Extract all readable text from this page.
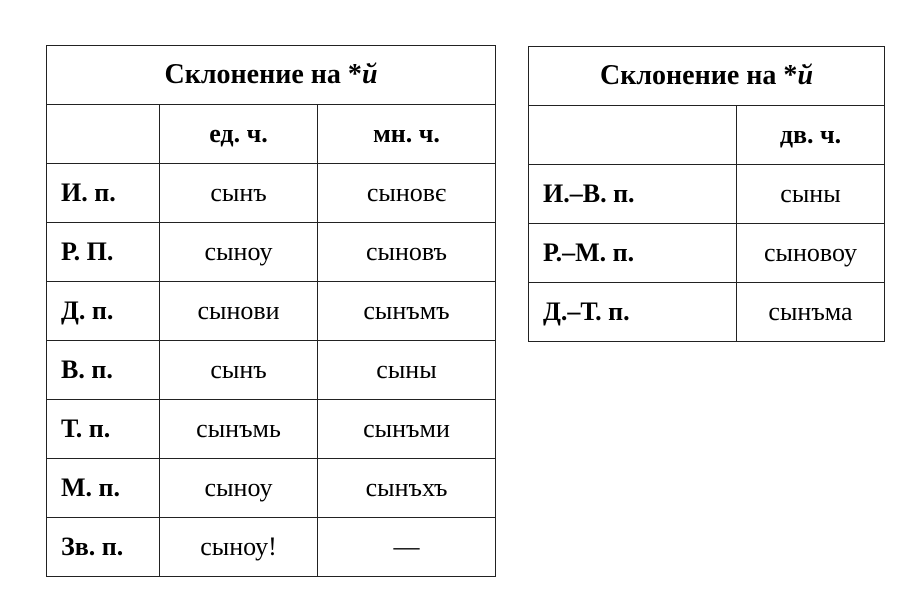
Склонение на *й		
	ед. ч.	мн. ч.
И. п.	сынъ	сыновє
Р. П.	сыноу	сыновъ
Д. п.	сынови	сынъмъ
В. п.	сынъ	сыны
Т. п.	сынъмь	сынъми
М. п.	сыноу	сынъхъ
Зв. п.	сыноу!	—
Склонение на *й	
	дв. ч.
И.–В. п.	сыны
Р.–М. п.	сыновоу
Д.–Т. п.	сынъма
